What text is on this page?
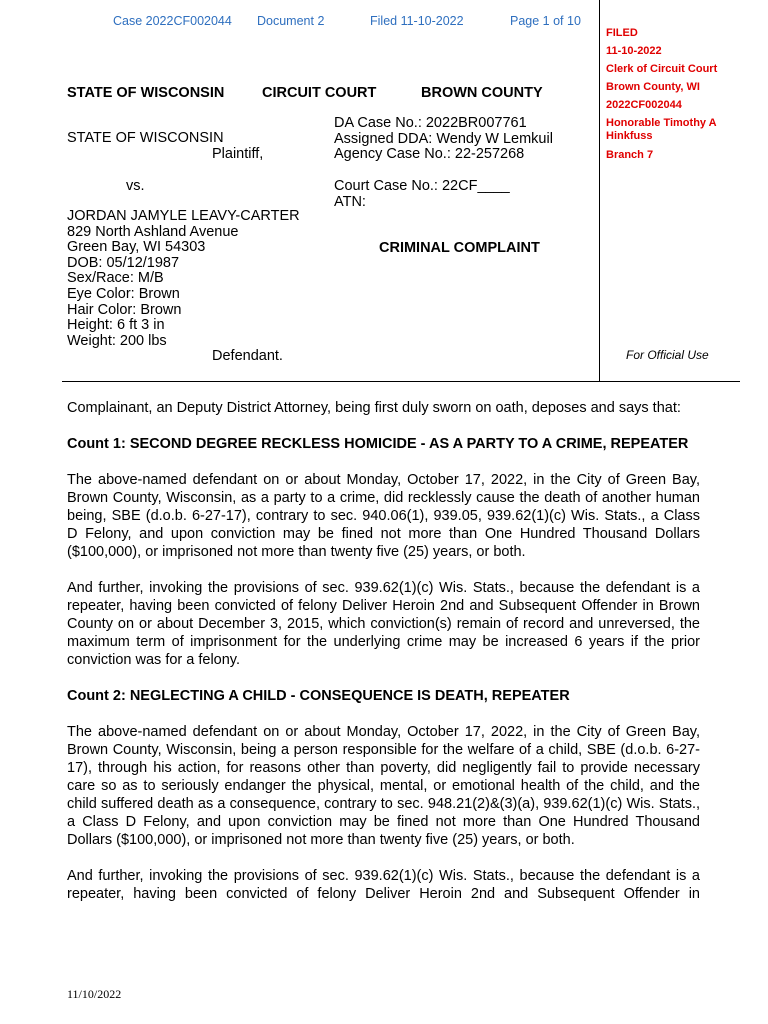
Case 2022CF002044 Document 2	Filed 11-10-2022	Page 1 of 10
FILED
11-10-2022
Clerk of Circuit Court
Brown County, WI
2022CF002044
Honorable Timothy A
Hinkfuss
Branch 7
For Official Use
STATE OF WISCONSIN	CIRCUIT COURT	BROWN COUNTY
STATE OF WISCONSIN
Plaintiff,
vs.
JORDAN JAMYLE LEAVY-CARTER
829 North Ashland Avenue
Green Bay, WI 54303
DOB: 05/12/1987
Sex/Race: M/B
Eye Color: Brown
Hair Color: Brown
Height: 6 ft 3 in
Weight: 200 lbs
Defendant.
DA Case No.: 2022BR007761
Assigned DDA: Wendy W Lemkuil
Agency Case No.: 22-257268
Court Case No.: 22CF____
ATN:
CRIMINAL COMPLAINT

Complainant, an Deputy District Attorney, being first duly sworn on oath, deposes and says that:

Count 1: SECOND DEGREE RECKLESS HOMICIDE - AS A PARTY TO A CRIME, REPEATER

The above-named defendant on or about Monday, October 17, 2022, in the City of Green Bay, Brown County, Wisconsin, as a party to a crime, did recklessly cause the death of another human being, SBE (d.o.b. 6-27-17), contrary to sec. 940.06(1), 939.05, 939.62(1)(c) Wis. Stats., a Class D Felony, and upon conviction may be fined not more than One Hundred Thousand Dollars ($100,000), or imprisoned not more than twenty five (25) years, or both.

And further, invoking the provisions of sec. 939.62(1)(c) Wis. Stats., because the defendant is a repeater, having been convicted of felony Deliver Heroin 2nd and Subsequent Offender in Brown County on or about December 3, 2015, which conviction(s) remain of record and unreversed, the maximum term of imprisonment for the underlying crime may be increased 6 years if the prior conviction was for a felony.

Count 2: NEGLECTING A CHILD - CONSEQUENCE IS DEATH, REPEATER

The above-named defendant on or about Monday, October 17, 2022, in the City of Green Bay, Brown County, Wisconsin, being a person responsible for the welfare of a child, SBE (d.o.b. 6-27-17), through his action, for reasons other than poverty, did negligently fail to provide necessary care so as to seriously endanger the physical, mental, or emotional health of the child, and the child suffered death as a consequence, contrary to sec. 948.21(2)&(3)(a), 939.62(1)(c) Wis. Stats., a Class D Felony, and upon conviction may be fined not more than One Hundred Thousand Dollars ($100,000), or imprisoned not more than twenty five (25) years, or both.

And further, invoking the provisions of sec. 939.62(1)(c) Wis. Stats., because the defendant is a repeater, having been convicted of felony Deliver Heroin 2nd and Subsequent Offender in

11/10/2022
